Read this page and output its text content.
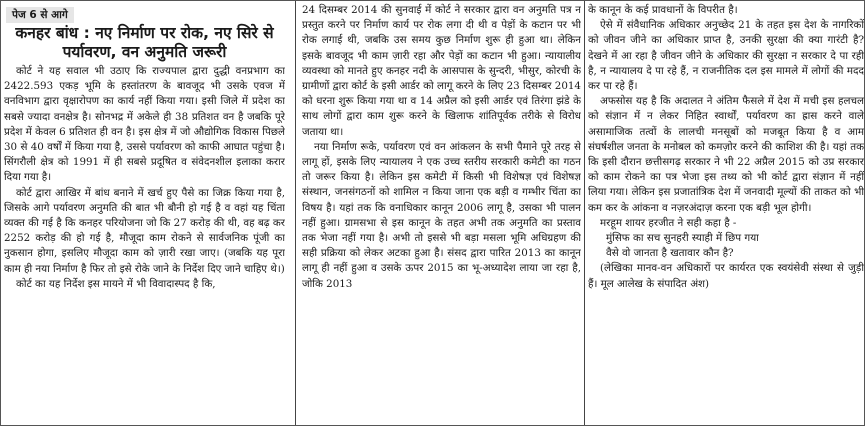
पेज 6 से आगे
कनहर बांध : नए निर्माण पर रोक, नए सिरे से पर्यावरण, वन अनुमति जरूरी

कोर्ट ने यह सवाल भी उठाए कि राज्यपाल द्वारा दुद्धी वनप्रभाग का 2422.593 एकड़ भूमि के हस्तांतरण के बावजूद भी उसके एवज में वनविभाग द्वारा वृक्षारोपण का कार्य नहीं किया गया। इसी जिले में प्रदेश का सबसे ज्यादा वनक्षेत्र है। सोनभद्र में अकेले ही 38 प्रतिशत वन है जबकि पूरे प्रदेश में केवल 6 प्रतिशत ही वन है। इस क्षेत्र में जो औद्योगिक विकास पिछले 30 से 40 वर्षों में किया गया है, उससे पर्यावरण को काफी आघात पहुंचा है। सिंगरौली क्षेत्र को 1991 में ही सबसे प्रदूषित व संवेदनशील इलाका करार दिया गया है।

कोर्ट द्वारा आखिर में बांध बनाने में खर्च हुए पैसे का जिक्र किया गया है, जिसके आगे पर्यावरण अनुमति की बात भी बौनी हो गई है व वहां यह चिंता व्यक्त की गई है कि कनहर परियोजना जो कि 27 करोड़ की थी, वह बढ़ कर 2252 करोड़ की हो गई है, मौजूदा काम रोकने से सार्वजनिक पूंजी का नुकसान होगा, इसलिए मौजूदा काम को ज़ारी रखा जाए। (जबकि यह पूरा काम ही नया निर्माण है फिर तो इसे रोके जाने के निर्देश दिए जाने चाहिए थे।)

कोर्ट का यह निर्देश इस मायने में भी विवादास्पद है कि,

24 दिसम्बर 2014 की सुनवाई में कोर्ट ने सरकार द्वारा वन अनुमति पत्र न प्रस्तुत करने पर निर्माण कार्य पर रोक लगा दी थी व पेड़ों के कटान पर भी रोक लगाई थी, जबकि उस समय कुछ निर्माण शुरू ही हुआ था। लेकिन इसके बावजूद भी काम ज़ारी रहा और पेड़ों का कटान भी हुआ। न्यायालीय व्यवस्था को मानते हुए कनहर नदी के आसपास के सुन्दरी, भीसुर, कोरची के ग्रामीणों द्वारा कोर्ट के इसी आर्डर को लागू करने के लिए 23 दिसम्बर 2014 को धरना शुरू किया गया था व 14 अप्रैल को इसी आर्डर एवं तिरंगा झंडे के साथ लोगों द्वारा काम शुरू करने के खिलाफ शांतिपूर्वक तरीके से विरोध जताया था।

नया निर्माण रूके, पर्यावरण एवं वन आंकलन के सभी पैमाने पूरे तरह से लागू हों, इसके लिए न्यायालय ने एक उच्च स्तरीय सरकारी कमेटी का गठन तो जरूर किया है। लेकिन इस कमेटी में किसी भी विशेषज्ञ एवं विशेषज्ञ संस्थान, जनसंगठनों को शामिल न किया जाना एक बड़ी व गम्भीर चिंता का विषय है। यहां तक कि वनाधिकार कानून 2006 लागू है, उसका भी पालन नहीं हुआ। ग्रामसभा से इस कानून के तहत अभी तक अनुमति का प्रस्ताव तक भेजा नहीं गया है। अभी तो इससे भी बड़ा मसला भूमि अधिग्रहण की सही प्रक्रिया को लेकर अटका हुआ है। संसद द्वारा पारित 2013 का कानून लागू ही नहीं हुआ व उसके ऊपर 2015 का भू-अध्यादेश लाया जा रहा है, जोकि 2013

के कानून के कई प्रावधानों के विपरीत है।

ऐसे में संवैधानिक अधिकार अनुच्छेद 21 के तहत इस देश के नागरिकों को जीवन जीने का अधिकार प्राप्त है, उनकी सुरक्षा की क्या गारंटी है? देखने में आ रहा है जीवन जीने के अधिकार की सुरक्षा न सरकार दे पा रही है, न न्यायालय दे पा रहे हैं, न राजनीतिक दल इस मामले में लोगों की मदद कर पा रहे हैं।

अफसोस यह है कि अदालत ने अंतिम फैसले में देश में मची इस हलचल को संज्ञान में न लेकर निहित स्वार्थों, पर्यावरण का ह्रास करने वाले असामाजिक तत्वों के लालची मनसूबों को मजबूत किया है व आम संघर्षशील जनता के मनोबल को कमज़ोर करने की काशिश की है। यहां तक कि इसी दौरान छत्तीसगढ़ सरकार ने भी 22 अप्रैल 2015 को उप्र सरकार को काम रोकने का पत्र भेजा इस तथ्य को भी कोर्ट द्वारा संज्ञान में नहीं लिया गया। लेकिन इस प्रजातांत्रिक देश में जनवादी मूल्यों की ताकत को भी कम कर के आंकना व नज़रअंदाज़ करना एक बड़ी भूल होगी।

मरहूम शायर हरजीत ने सही कहा है -

मुंसिफ का सच सुनहरी स्याही में छिप गया

वैसे वो जानता है खतावार कौन है?

(लेखिका मानव-वन अधिकारों पर कार्यरत एक स्वयंसेवी संस्था से जुड़ी हैं। मूल आलेख के संपादित अंश)
